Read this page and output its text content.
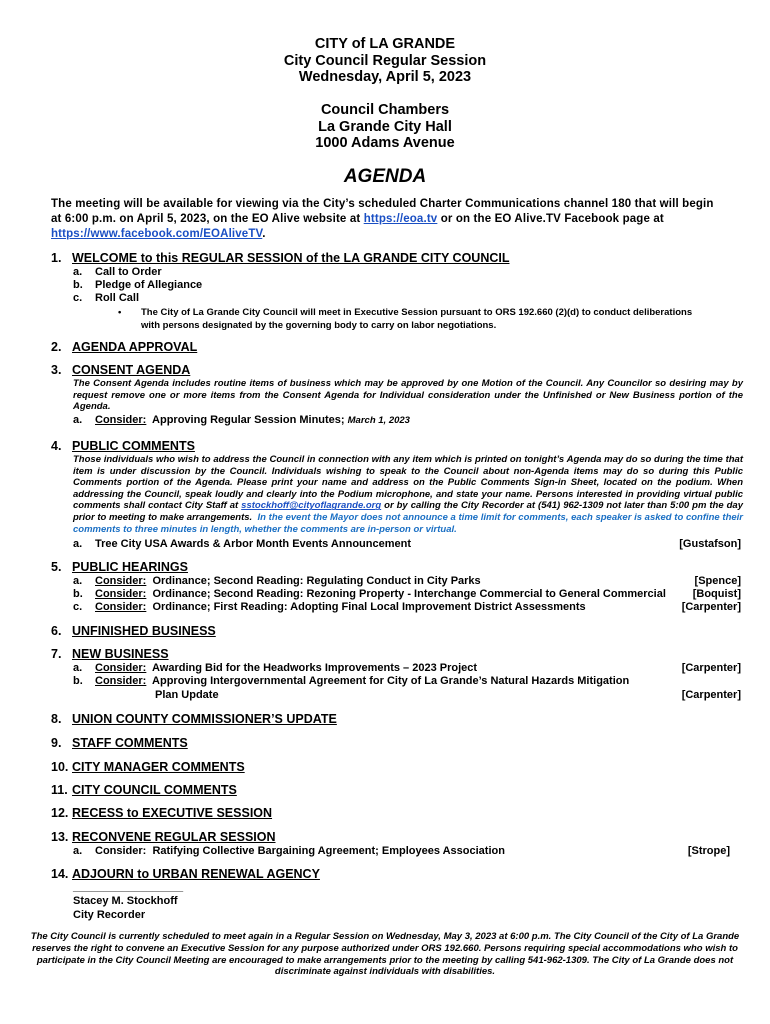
CITY of LA GRANDE
City Council Regular Session
Wednesday, April 5, 2023
Council Chambers
La Grande City Hall
1000 Adams Avenue
AGENDA
The meeting will be available for viewing via the City’s scheduled Charter Communications channel 180 that will begin at 6:00 p.m. on April 5, 2023, on the EO Alive website at https://eoa.tv or on the EO Alive.TV Facebook page at https://www.facebook.com/EOAliveTV.
1. WELCOME to this REGULAR SESSION of the LA GRANDE CITY COUNCIL
a. Call to Order
b. Pledge of Allegiance
c. Roll Call
• The City of La Grande City Council will meet in Executive Session pursuant to ORS 192.660 (2)(d) to conduct deliberations
with persons designated by the governing body to carry on labor negotiations.
2. AGENDA APPROVAL
3. CONSENT AGENDA
The Consent Agenda includes routine items of business which may be approved by one Motion of the Council. Any Councilor so desiring may by request remove one or more items from the Consent Agenda for Individual consideration under the Unfinished or New Business portion of the Agenda.
a. Consider:  Approving Regular Session Minutes; March 1, 2023
4. PUBLIC COMMENTS
Those individuals who wish to address the Council in connection with any item which is printed on tonight’s Agenda may do so during the time that item is under discussion by the Council. Individuals wishing to speak to the Council about non-Agenda items may do so during this Public Comments portion of the Agenda. Please print your name and address on the Public Comments Sign-in Sheet, located on the podium. When addressing the Council, speak loudly and clearly into the Podium microphone, and state your name. Persons interested in providing virtual public comments shall contact City Staff at sstockhoff@cityoflagrande.org or by calling the City Recorder at (541) 962-1309 not later than 5:00 pm the day prior to meeting to make arrangements.  In the event the Mayor does not announce a time limit for comments, each speaker is asked to confine their comments to three minutes in length, whether the comments are in-person or virtual.
a. Tree City USA Awards & Arbor Month Events Announcement	[Gustafson]
5. PUBLIC HEARINGS
a. Consider:  Ordinance; Second Reading: Regulating Conduct in City Parks	[Spence]
b. Consider:  Ordinance; Second Reading: Rezoning Property - Interchange Commercial to General Commercial [Boquist]
c. Consider:  Ordinance; First Reading: Adopting Final Local Improvement District Assessments	[Carpenter]
6. UNFINISHED BUSINESS
7. NEW BUSINESS
a. Consider:  Awarding Bid for the Headworks Improvements – 2023 Project	[Carpenter]
b. Consider:  Approving Intergovernmental Agreement for City of La Grande’s Natural Hazards Mitigation
Plan Update	[Carpenter]
8. UNION COUNTY COMMISSIONER’S UPDATE
9. STAFF COMMENTS
10. CITY MANAGER COMMENTS
11. CITY COUNCIL COMMENTS
12. RECESS to EXECUTIVE SESSION
13. RECONVENE REGULAR SESSION
a. Consider:  Ratifying Collective Bargaining Agreement; Employees Association	[Strope]
14. ADJOURN to URBAN RENEWAL AGENCY
__________________
Stacey M. Stockhoff
City Recorder
The City Council is currently scheduled to meet again in a Regular Session on Wednesday, May 3, 2023 at 6:00 p.m. The City Council of the City of La Grande reserves the right to convene an Executive Session for any purpose authorized under ORS 192.660. Persons requiring special accommodations who wish to participate in the City Council Meeting are encouraged to make arrangements prior to the meeting by calling 541-962-1309. The City of La Grande does not discriminate against individuals with disabilities.
